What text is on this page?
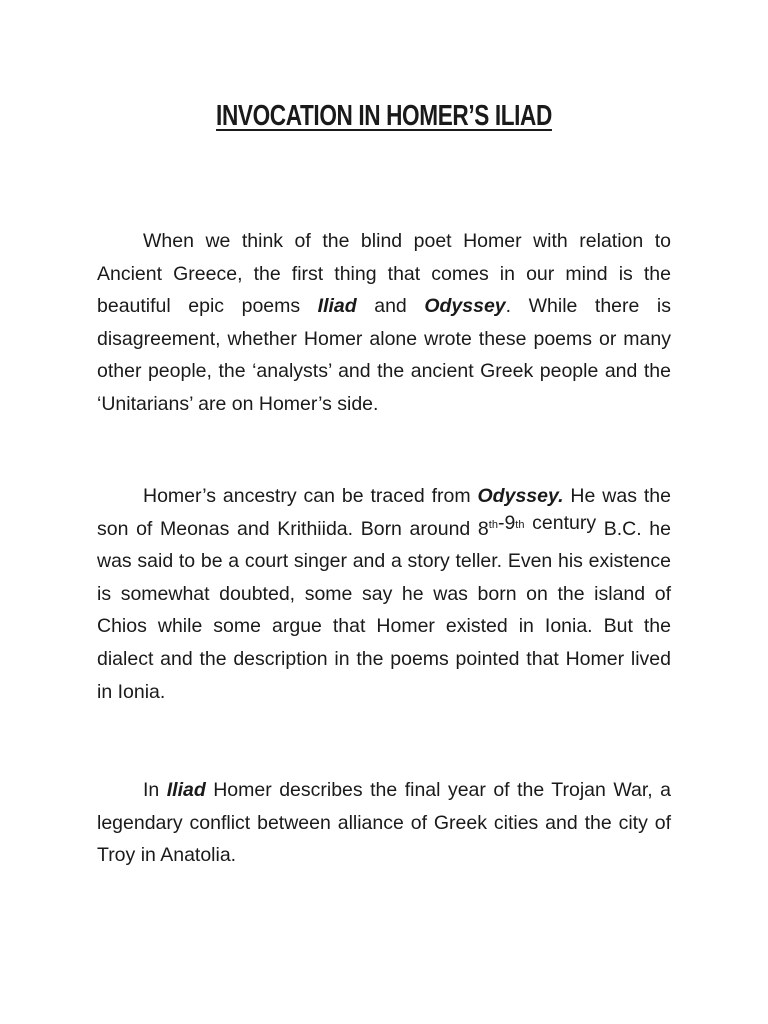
INVOCATION IN HOMER’S ILIAD

When we think of the blind poet Homer with relation to Ancient Greece, the first thing that comes in our mind is the beautiful epic poems Iliad and Odyssey. While there is disagreement, whether Homer alone wrote these poems or many other people, the ‘analysts’ and the ancient Greek people and the ‘Unitarians’ are on Homer’s side.

Homer’s ancestry can be traced from Odyssey. He was the son of Meonas and Krithiida. Born around 8th-9th century B.C. he was said to be a court singer and a story teller. Even his existence is somewhat doubted, some say he was born on the island of Chios while some argue that Homer existed in Ionia. But the dialect and the description in the poems pointed that Homer lived in Ionia.

In Iliad Homer describes the final year of the Trojan War, a legendary conflict between alliance of Greek cities and the city of Troy in Anatolia.
